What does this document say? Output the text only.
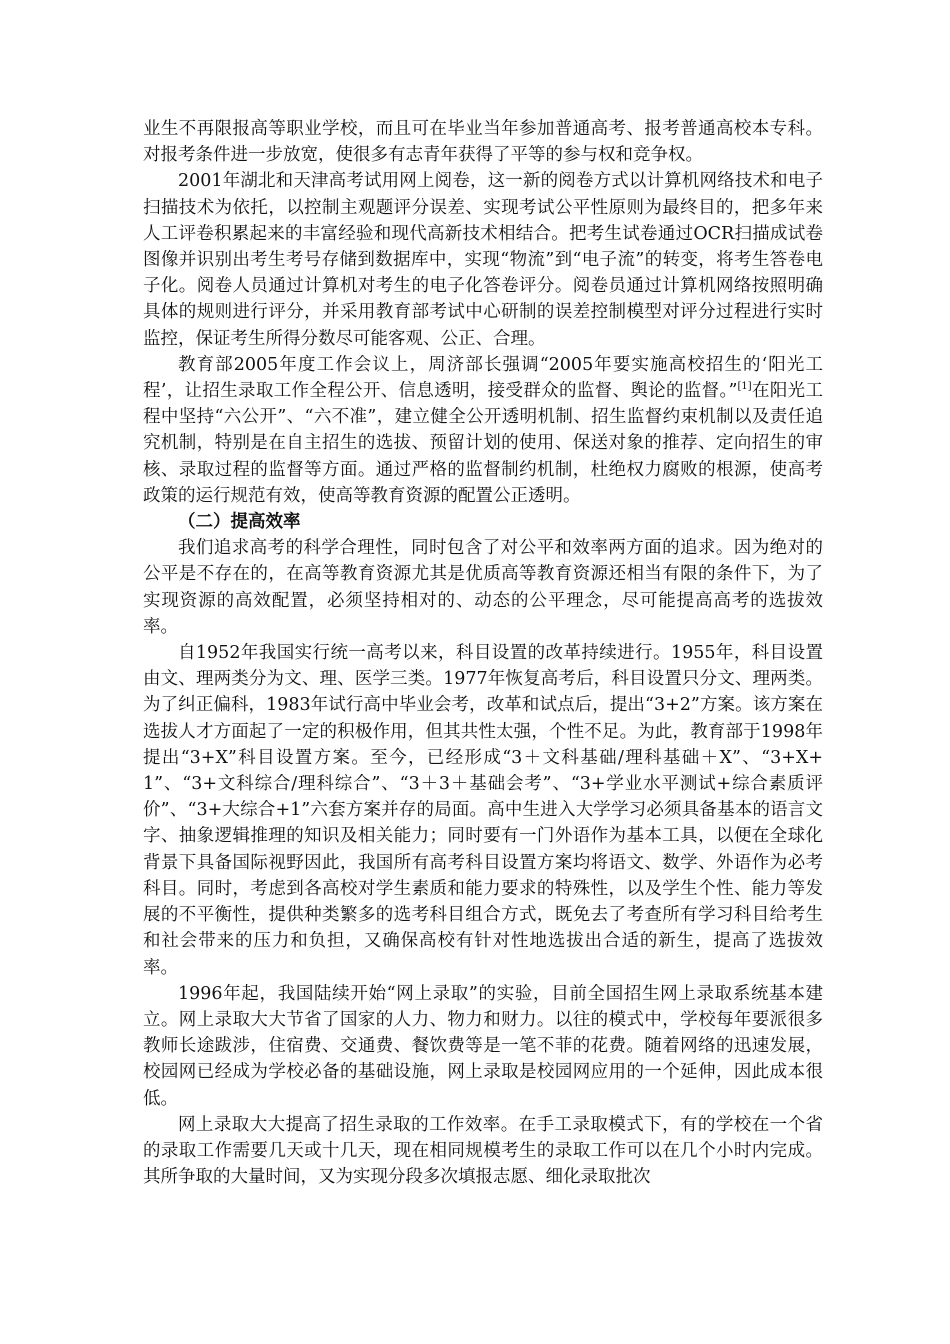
业生不再限报高等职业学校，而且可在毕业当年参加普通高考、报考普通高校本专科。对报考条件进一步放宽，使很多有志青年获得了平等的参与权和竞争权。

2001年湖北和天津高考试用网上阅卷，这一新的阅卷方式以计算机网络技术和电子扫描技术为依托，以控制主观题评分误差、实现考试公平性原则为最终目的，把多年来人工评卷积累起来的丰富经验和现代高新技术相结合。把考生试卷通过OCR扫描成试卷图像并识别出考生考号存储到数据库中，实现“物流”到“电子流”的转变，将考生答卷电子化。阅卷人员通过计算机对考生的电子化答卷评分。阅卷员通过计算机网络按照明确具体的规则进行评分，并采用教育部考试中心研制的误差控制模型对评分过程进行实时监控，保证考生所得分数尽可能客观、公正、合理。

教育部2005年度工作会议上，周济部长强调“2005年要实施高校招生的‘阳光工程’，让招生录取工作全程公开、信息透明，接受群众的监督、舆论的监督。”[1]在阳光工程中坚持“六公开”、“六不准”，建立健全公开透明机制、招生监督约束机制以及责任追究机制，特别是在自主招生的选拔、预留计划的使用、保送对象的推荐、定向招生的审核、录取过程的监督等方面。通过严格的监督制约机制，杜绝权力腐败的根源，使高考政策的运行规范有效，使高等教育资源的配置公正透明。

（二）提高效率

我们追求高考的科学合理性，同时包含了对公平和效率两方面的追求。因为绝对的公平是不存在的，在高等教育资源尤其是优质高等教育资源还相当有限的条件下，为了实现资源的高效配置，必须坚持相对的、动态的公平理念，尽可能提高高考的选拔效率。

自1952年我国实行统一高考以来，科目设置的改革持续进行。1955年，科目设置由文、理两类分为文、理、医学三类。1977年恢复高考后，科目设置只分文、理两类。为了纠正偏科，1983年试行高中毕业会考，改革和试点后，提出“3+2”方案。该方案在选拔人才方面起了一定的积极作用，但其共性太强，个性不足。为此，教育部于1998年提出“3+X”科目设置方案。至今，已经形成“3＋文科基础/理科基础＋X”、“3+X+1”、“3+文科综合/理科综合”、“3＋3＋基础会考”、“3+学业水平测试+综合素质评价”、“3+大综合+1”六套方案并存的局面。高中生进入大学学习必须具备基本的语言文字、抽象逻辑推理的知识及相关能力；同时要有一门外语作为基本工具，以便在全球化背景下具备国际视野因此，我国所有高考科目设置方案均将语文、数学、外语作为必考科目。同时，考虑到各高校对学生素质和能力要求的特殊性，以及学生个性、能力等发展的不平衡性，提供种类繁多的选考科目组合方式，既免去了考查所有学习科目给考生和社会带来的压力和负担，又确保高校有针对性地选拔出合适的新生，提高了选拔效率。

1996年起，我国陆续开始“网上录取”的实验，目前全国招生网上录取系统基本建立。网上录取大大节省了国家的人力、物力和财力。以往的模式中，学校每年要派很多教师长途跋涉，住宿费、交通费、餐饮费等是一笔不菲的花费。随着网络的迅速发展，校园网已经成为学校必备的基础设施，网上录取是校园网应用的一个延伸，因此成本很低。

网上录取大大提高了招生录取的工作效率。在手工录取模式下，有的学校在一个省的录取工作需要几天或十几天，现在相同规模考生的录取工作可以在几个小时内完成。其所争取的大量时间，又为实现分段多次填报志愿、细化录取批次
